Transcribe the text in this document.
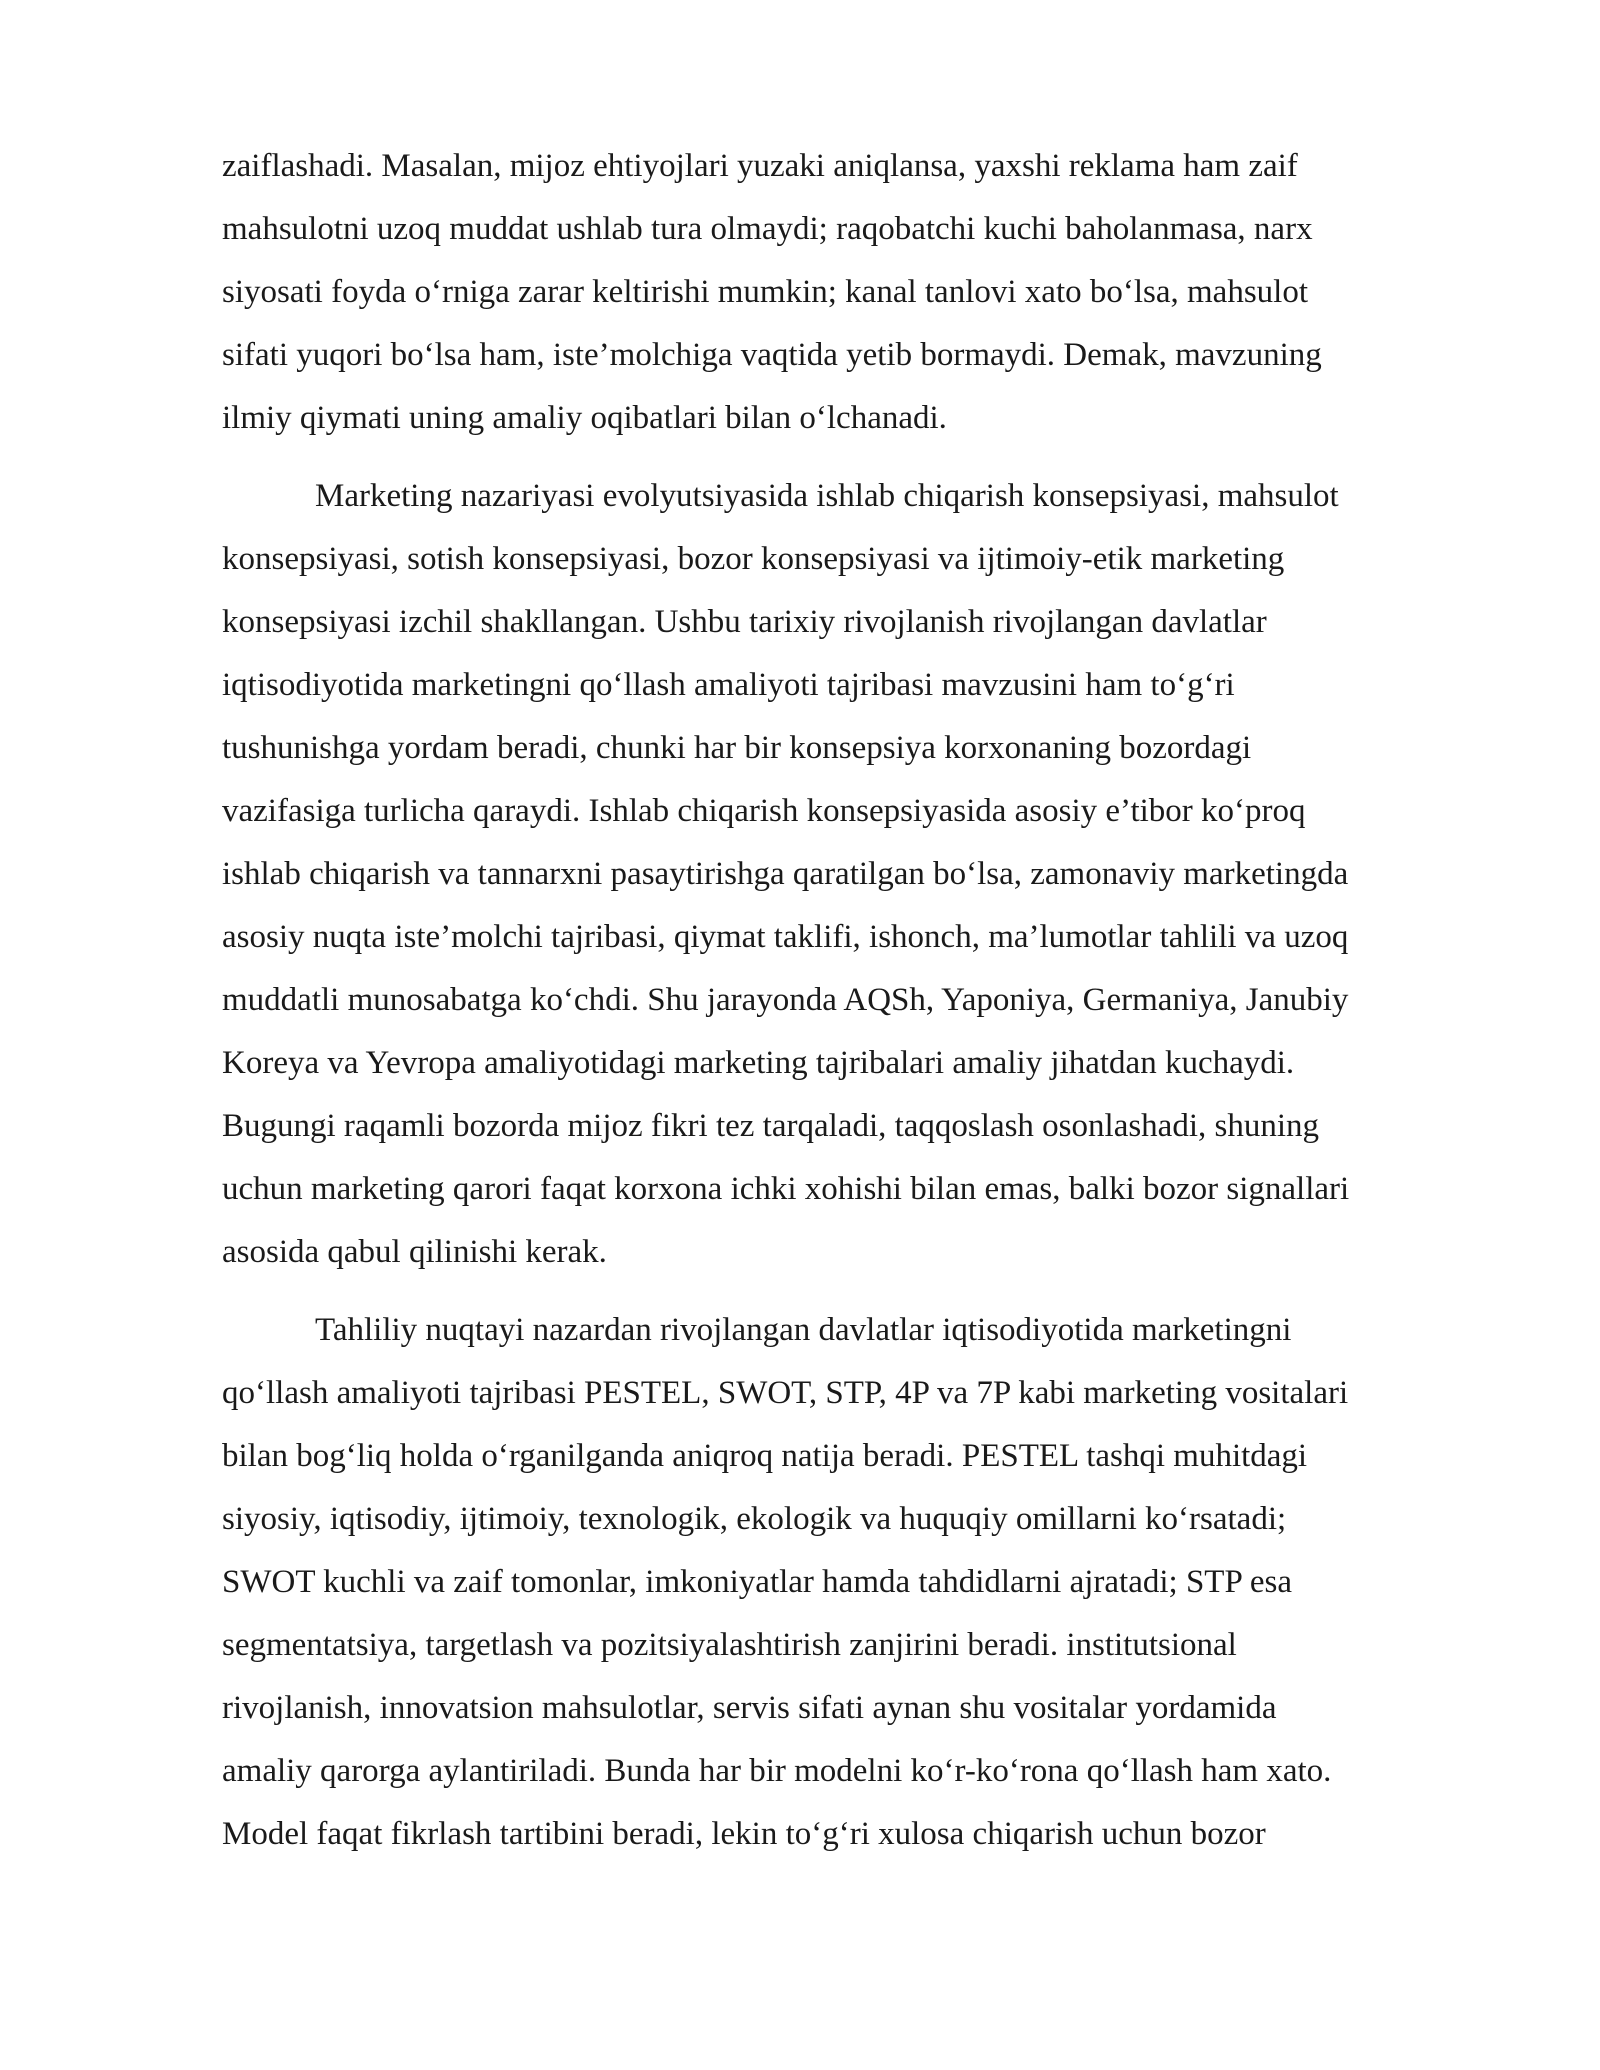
zaiflashadi. Masalan, mijoz ehtiyojlari yuzaki aniqlansa, yaxshi reklama ham zaif
mahsulotni uzoq muddat ushlab tura olmaydi; raqobatchi kuchi baholanmasa, narx
siyosati foyda o‘rniga zarar keltirishi mumkin; kanal tanlovi xato bo‘lsa, mahsulot
sifati yuqori bo‘lsa ham, iste’molchiga vaqtida yetib bormaydi. Demak, mavzuning
ilmiy qiymati uning amaliy oqibatlari bilan o‘lchanadi.
Marketing nazariyasi evolyutsiyasida ishlab chiqarish konsepsiyasi, mahsulot
konsepsiyasi, sotish konsepsiyasi, bozor konsepsiyasi va ijtimoiy-etik marketing
konsepsiyasi izchil shakllangan. Ushbu tarixiy rivojlanish rivojlangan davlatlar
iqtisodiyotida marketingni qo‘llash amaliyoti tajribasi mavzusini ham to‘g‘ri
tushunishga yordam beradi, chunki har bir konsepsiya korxonaning bozordagi
vazifasiga turlicha qaraydi. Ishlab chiqarish konsepsiyasida asosiy e’tibor ko‘proq
ishlab chiqarish va tannarxni pasaytirishga qaratilgan bo‘lsa, zamonaviy marketingda
asosiy nuqta iste’molchi tajribasi, qiymat taklifi, ishonch, ma’lumotlar tahlili va uzoq
muddatli munosabatga ko‘chdi. Shu jarayonda AQSh, Yaponiya, Germaniya, Janubiy
Koreya va Yevropa amaliyotidagi marketing tajribalari amaliy jihatdan kuchaydi.
Bugungi raqamli bozorda mijoz fikri tez tarqaladi, taqqoslash osonlashadi, shuning
uchun marketing qarori faqat korxona ichki xohishi bilan emas, balki bozor signallari
asosida qabul qilinishi kerak.
Tahliliy nuqtayi nazardan rivojlangan davlatlar iqtisodiyotida marketingni
qo‘llash amaliyoti tajribasi PESTEL, SWOT, STP, 4P va 7P kabi marketing vositalari
bilan bog‘liq holda o‘rganilganda aniqroq natija beradi. PESTEL tashqi muhitdagi
siyosiy, iqtisodiy, ijtimoiy, texnologik, ekologik va huquqiy omillarni ko‘rsatadi;
SWOT kuchli va zaif tomonlar, imkoniyatlar hamda tahdidlarni ajratadi; STP esa
segmentatsiya, targetlash va pozitsiyalashtirish zanjirini beradi. institutsional
rivojlanish, innovatsion mahsulotlar, servis sifati aynan shu vositalar yordamida
amaliy qarorga aylantiriladi. Bunda har bir modelni ko‘r-ko‘rona qo‘llash ham xato.
Model faqat fikrlash tartibini beradi, lekin to‘g‘ri xulosa chiqarish uchun bozor
